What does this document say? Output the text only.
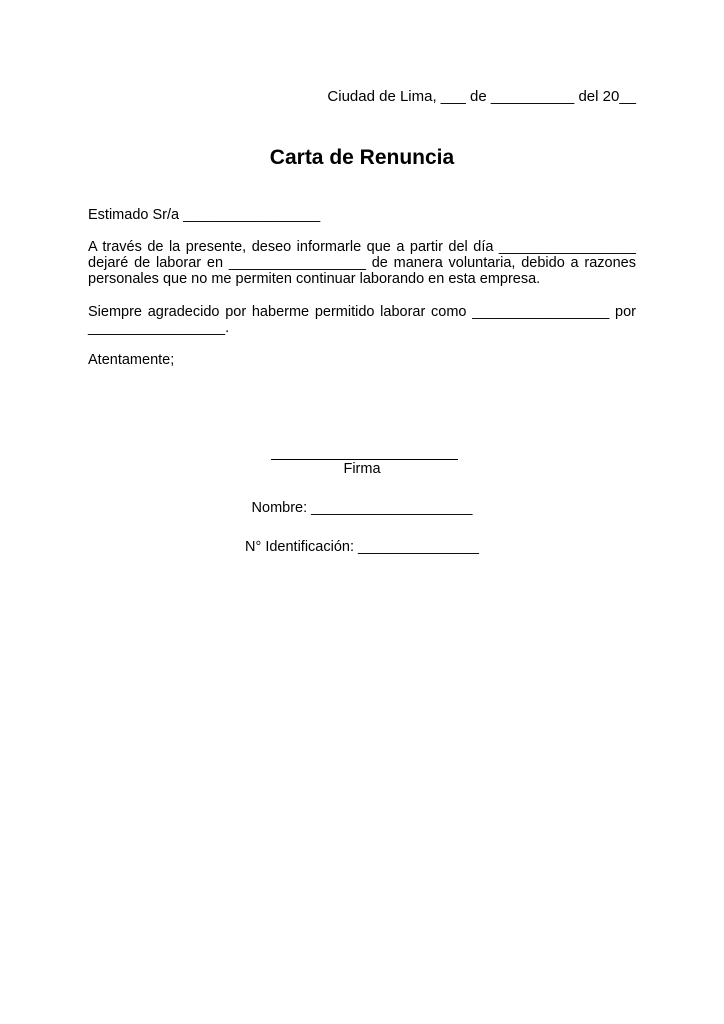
Ciudad de Lima, ___ de __________ del 20__
Carta de Renuncia
Estimado Sr/a _________________
A través de la presente, deseo informarle que a partir del día _________________ dejaré de laborar en _________________ de manera voluntaria, debido a razones personales que no me permiten continuar laborando en esta empresa.
Siempre agradecido por haberme permitido laborar como _________________ por _________________.
Atentamente;
Firma
Nombre: ____________________
N° Identificación: _______________
